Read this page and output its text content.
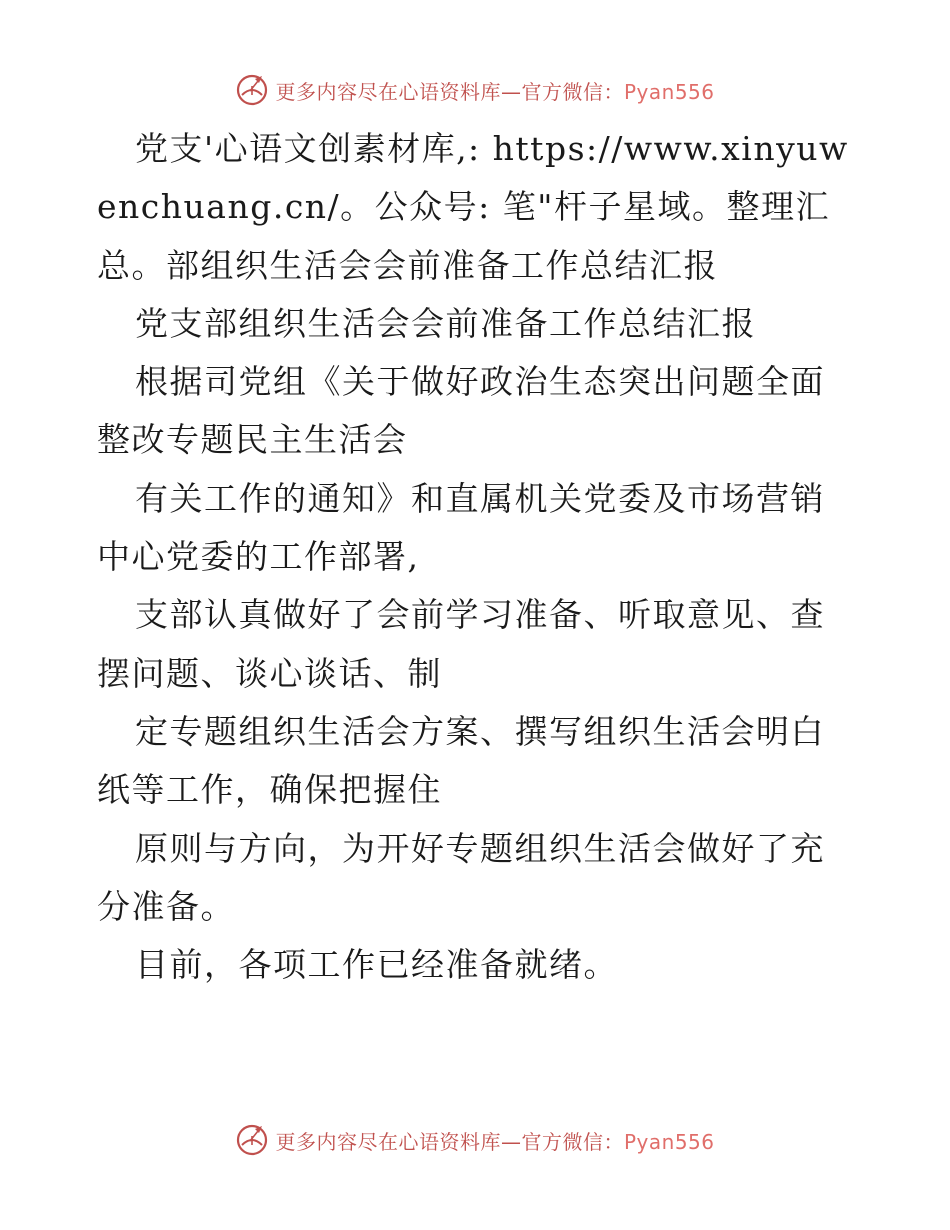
更多内容尽在心语资料库—官方微信：Pyan556

党支'心语文创素材库,: https://www.xinyuwenchuang.cn/。公众号: 笔"杆子星域。整理汇总。部组织生活会会前准备工作总结汇报

党支部组织生活会会前准备工作总结汇报

根据司党组《关于做好政治生态突出问题全面整改专题民主生活会

有关工作的通知》和直属机关党委及市场营销中心党委的工作部署,

支部认真做好了会前学习准备、听取意见、查摆问题、谈心谈话、制

定专题组织生活会方案、撰写组织生活会明白纸等工作，确保把握住

原则与方向，为开好专题组织生活会做好了充分准备。

目前，各项工作已经准备就绪。

更多内容尽在心语资料库—官方微信：Pyan556
